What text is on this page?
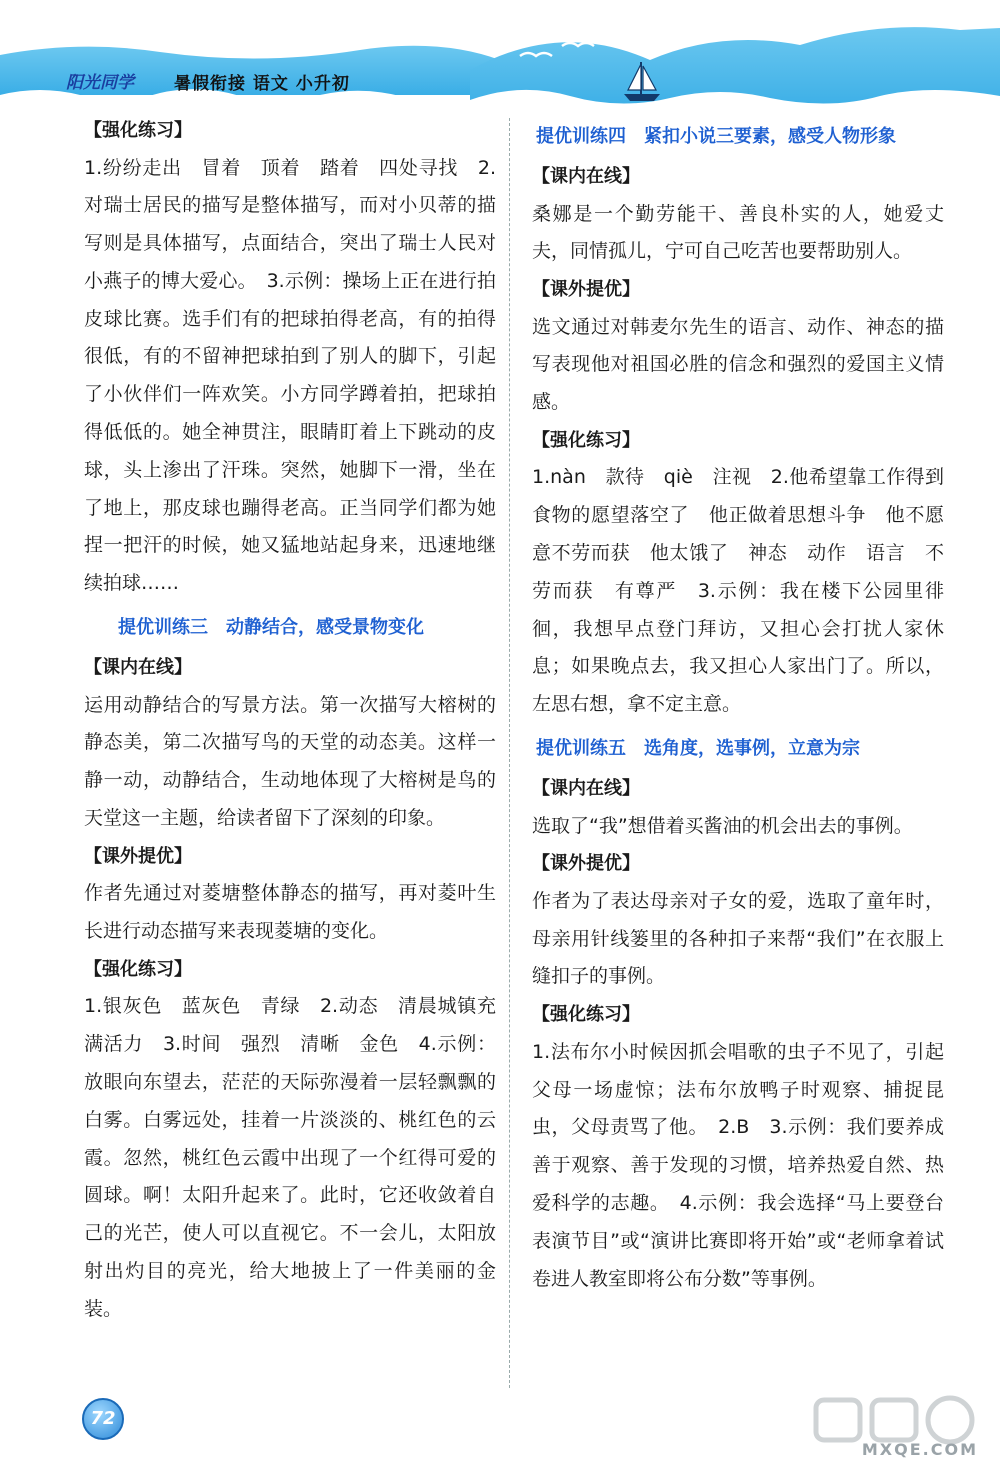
阳光同学 暑假衔接 语文 小升初

【强化练习】

1.纷纷走出　冒着　顶着　踏着　四处寻找　2.对瑞士居民的描写是整体描写，而对小贝蒂的描写则是具体描写，点面结合，突出了瑞士人民对小燕子的博大爱心。　3.示例：操场上正在进行拍皮球比赛。选手们有的把球拍得老高，有的拍得很低，有的不留神把球拍到了别人的脚下，引起了小伙伴们一阵欢笑。小方同学蹲着拍，把球拍得低低的。她全神贯注，眼睛盯着上下跳动的皮球，头上渗出了汗珠。突然，她脚下一滑，坐在了地上，那皮球也蹦得老高。正当同学们都为她捏一把汗的时候，她又猛地站起身来，迅速地继续拍球……

提优训练三　动静结合，感受景物变化

【课内在线】

运用动静结合的写景方法。第一次描写大榕树的静态美，第二次描写鸟的天堂的动态美。这样一静一动，动静结合，生动地体现了大榕树是鸟的天堂这一主题，给读者留下了深刻的印象。

【课外提优】

作者先通过对菱塘整体静态的描写，再对菱叶生长进行动态描写来表现菱塘的变化。

【强化练习】

1.银灰色　蓝灰色　青绿　2.动态　清晨城镇充满活力　3.时间　强烈　清晰　金色　4.示例：放眼向东望去，茫茫的天际弥漫着一层轻飘飘的白雾。白雾远处，挂着一片淡淡的、桃红色的云霞。忽然，桃红色云霞中出现了一个红得可爱的圆球。啊！太阳升起来了。此时，它还收敛着自己的光芒，使人可以直视它。不一会儿，太阳放射出灼目的亮光，给大地披上了一件美丽的金装。

提优训练四　紧扣小说三要素，感受人物形象

【课内在线】

桑娜是一个勤劳能干、善良朴实的人，她爱丈夫，同情孤儿，宁可自己吃苦也要帮助别人。

【课外提优】

选文通过对韩麦尔先生的语言、动作、神态的描写表现他对祖国必胜的信念和强烈的爱国主义情感。

【强化练习】

1.nàn　款待　qiè　注视　2.他希望靠工作得到食物的愿望落空了　他正做着思想斗争　他不愿意不劳而获　他太饿了　神态　动作　语言　不劳而获　有尊严　3.示例：我在楼下公园里徘徊，我想早点登门拜访，又担心会打扰人家休息；如果晚点去，我又担心人家出门了。所以，左思右想，拿不定主意。

提优训练五　选角度，选事例，立意为宗

【课内在线】

选取了“我”想借着买酱油的机会出去的事例。

【课外提优】

作者为了表达母亲对子女的爱，选取了童年时，母亲用针线篓里的各种扣子来帮“我们”在衣服上缝扣子的事例。

【强化练习】

1.法布尔小时候因抓会唱歌的虫子不见了，引起父母一场虚惊；法布尔放鸭子时观察、捕捉昆虫，父母责骂了他。　2.B　3.示例：我们要养成善于观察、善于发现的习惯，培养热爱自然、热爱科学的志趣。　4.示例：我会选择“马上要登台表演节目”或“演讲比赛即将开始”或“老师拿着试卷进人教室即将公布分数”等事例。

72
MXQE.COM
